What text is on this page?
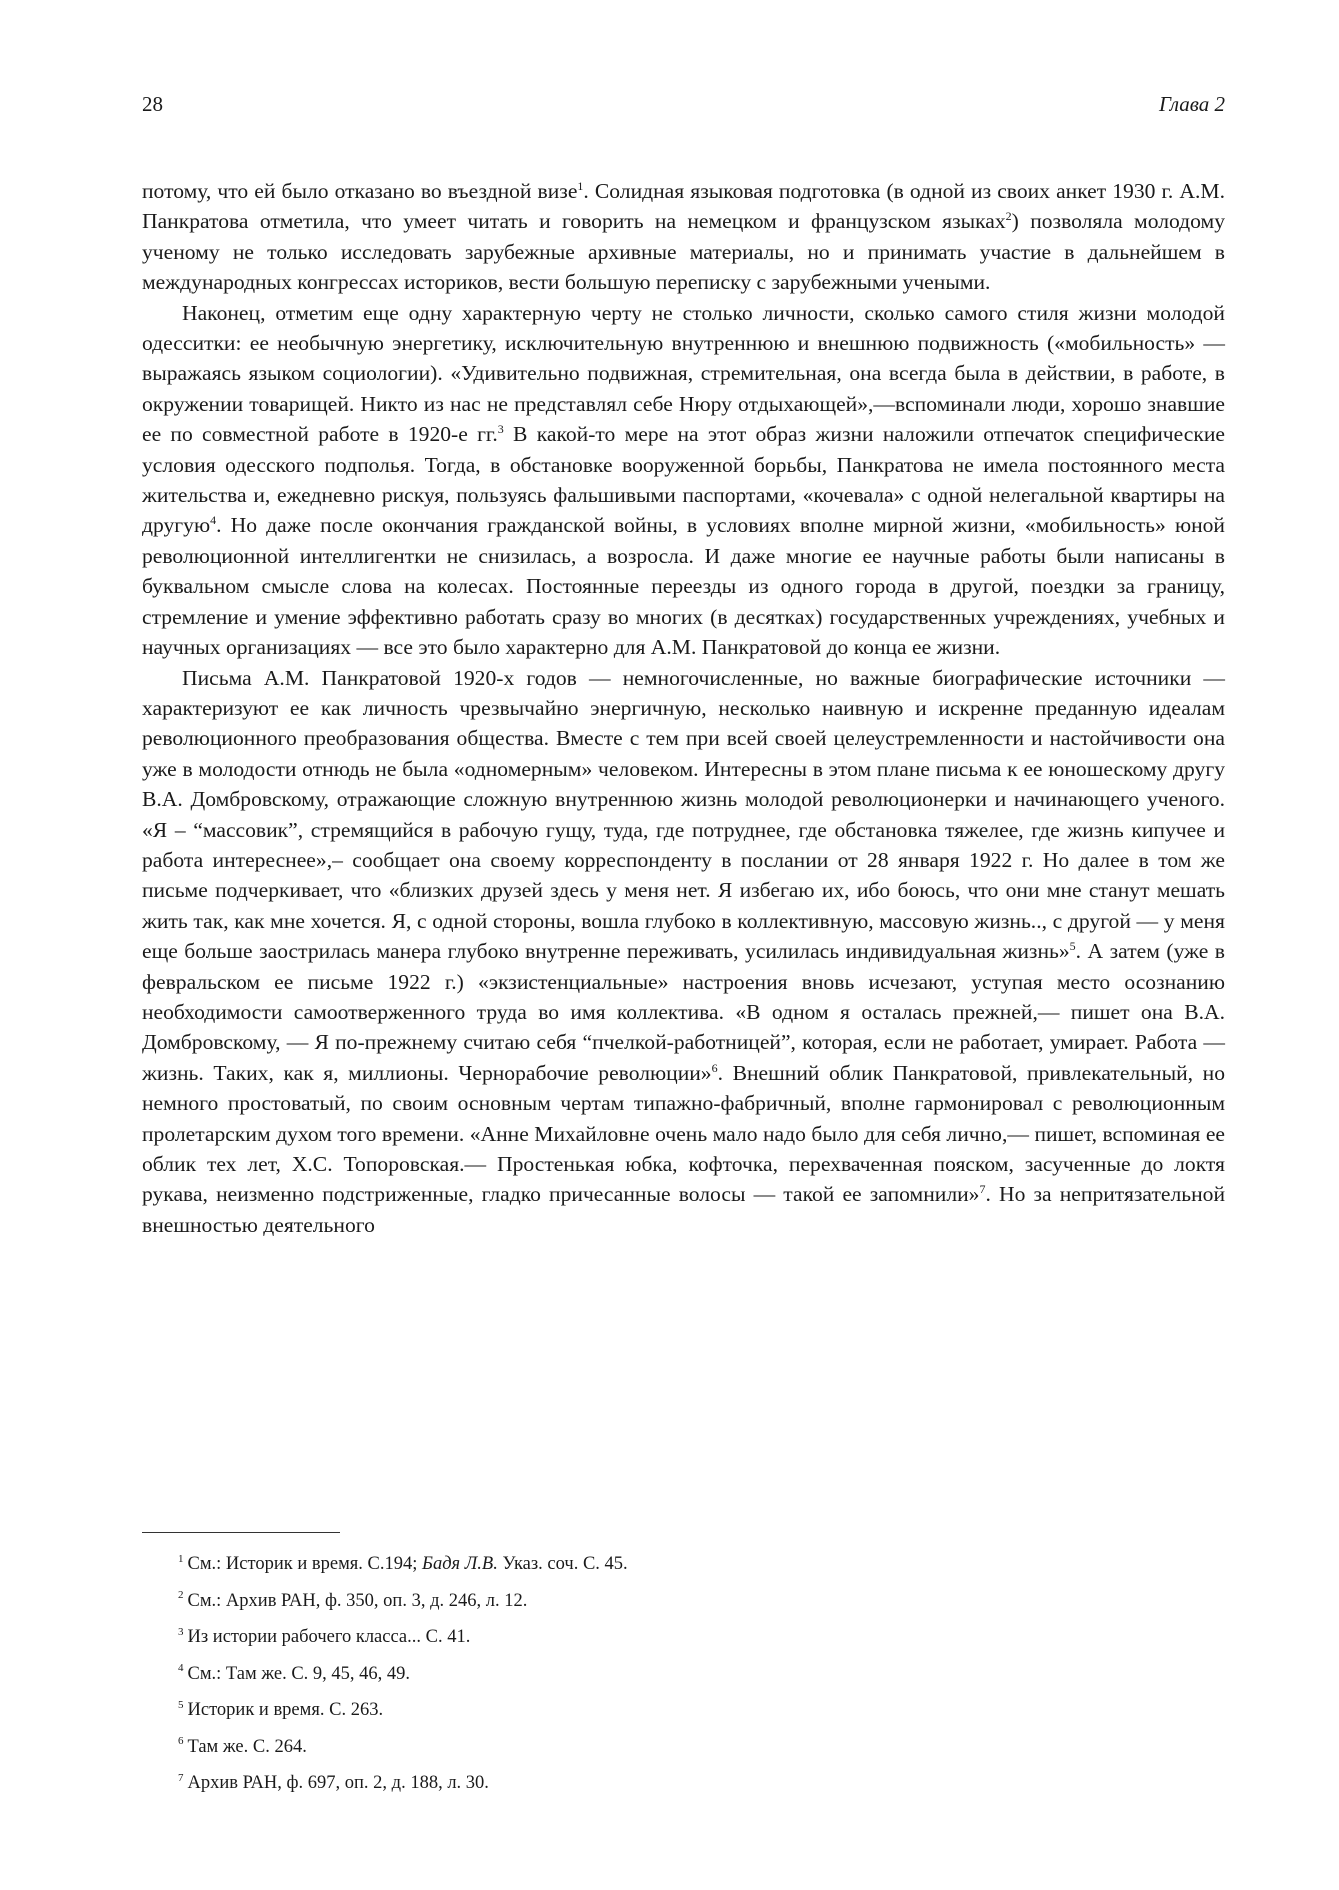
28	Глава 2

потому, что ей было отказано во въездной визе$^1$. Солидная языковая подготовка (в одной из своих анкет 1930 г. А.М. Панкратова отметила, что умеет читать и говорить на немецком и французском языках$^2$) позволяла молодому ученому не только исследовать зарубежные архивные материалы, но и принимать участие в дальнейшем в международных конгрессах историков, вести большую переписку с зарубежными учеными.

Наконец, отметим еще одну характерную черту не столько личности, сколько самого стиля жизни молодой одесситки: ее необычную энергетику, исключительную внутреннюю и внешнюю подвижность («мобильность» — выражаясь языком социологии). «Удивительно подвижная, стремительная, она всегда была в действии, в работе, в окружении товарищей. Никто из нас не представлял себе Нюру отдыхающей»,—вспоминали люди, хорошо знавшие ее по совместной работе в 1920-е гг.$^3$ В какой-то мере на этот образ жизни наложили отпечаток специфические условия одесского подполья. Тогда, в обстановке вооруженной борьбы, Панкратова не имела постоянного места жительства и, ежедневно рискуя, пользуясь фальшивыми паспортами, «кочевала» с одной нелегальной квартиры на другую$^4$. Но даже после окончания гражданской войны, в условиях вполне мирной жизни, «мобильность» юной революционной интеллигентки не снизилась, а возросла. И даже многие ее научные работы были написаны в буквальном смысле слова на колесах. Постоянные переезды из одного города в другой, поездки за границу, стремление и умение эффективно работать сразу во многих (в десятках) государственных учреждениях, учебных и научных организациях — все это было характерно для А.М. Панкратовой до конца ее жизни.

Письма А.М. Панкратовой 1920-х годов — немногочисленные, но важные биографические источники — характеризуют ее как личность чрезвычайно энергичную, несколько наивную и искренне преданную идеалам революционного преобразования общества. Вместе с тем при всей своей целеустремленности и настойчивости она уже в молодости отнюдь не была «одномерным» человеком. Интересны в этом плане письма к ее юношескому другу В.А. Домбровскому, отражающие сложную внутреннюю жизнь молодой революционерки и начинающего ученого. «Я – “массовик”, стремящийся в рабочую гущу, туда, где потруднее, где обстановка тяжелее, где жизнь кипучее и работа интереснее»,– сообщает она своему корреспонденту в послании от 28 января 1922 г. Но далее в том же письме подчеркивает, что «близких друзей здесь у меня нет. Я избегаю их, ибо боюсь, что они мне станут мешать жить так, как мне хочется. Я, с одной стороны, вошла глубоко в коллективную, массовую жизнь.., с другой — у меня еще больше заострилась манера глубоко внутренне переживать, усилилась индивидуальная жизнь»$^5$. А затем (уже в февральском ее письме 1922 г.) «экзистенциальные» настроения вновь исчезают, уступая место осознанию необходимости самоотверженного труда во имя коллектива. «В одном я осталась прежней,— пишет она В.А. Домбровскому, — Я по-прежнему считаю себя “пчелкой-работницей”, которая, если не работает, умирает. Работа — жизнь. Таких, как я, миллионы. Чернорабочие революции»$^6$. Внешний облик Панкратовой, привлекательный, но немного простоватый, по своим основным чертам типажно-фабричный, вполне гармонировал с революционным пролетарским духом того времени. «Анне Михайловне очень мало надо было для себя лично,— пишет, вспоминая ее облик тех лет, Х.С. Топоровская.— Простенькая юбка, кофточка, перехваченная пояском, засученные до локтя рукава, неизменно подстриженные, гладко причесанные волосы — такой ее запомнили»$^7$. Но за непритязательной внешностью деятельного

$^1$ См.: Историк и время. С.194; Бадя Л.В. Указ. соч. С. 45.

$^2$ См.: Архив РАН, ф. 350, оп. 3, д. 246, л. 12.

$^3$ Из истории рабочего класса... С. 41.

$^4$ См.: Там же. С. 9, 45, 46, 49.

$^5$ Историк и время. С. 263.

$^6$ Там же. С. 264.

$^7$ Архив РАН, ф. 697, оп. 2, д. 188, л. 30.
